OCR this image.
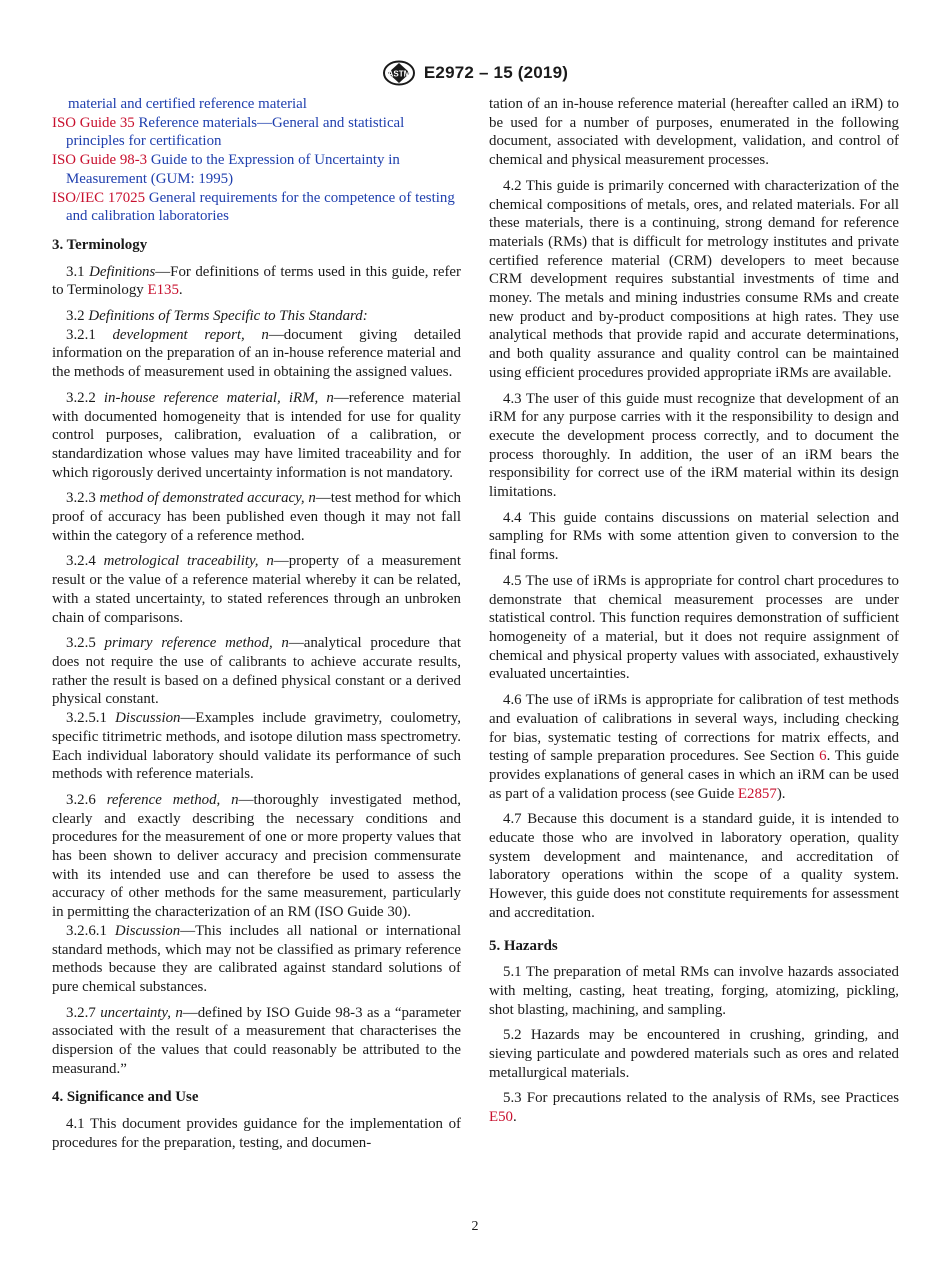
ASTM E2972 – 15 (2019)

material and certified reference material

ISO Guide 35 Reference materials—General and statistical principles for certification

ISO Guide 98-3 Guide to the Expression of Uncertainty in Measurement (GUM: 1995)

ISO/IEC 17025 General requirements for the competence of testing and calibration laboratories

3. Terminology

3.1 Definitions—For definitions of terms used in this guide, refer to Terminology E135.

3.2 Definitions of Terms Specific to This Standard:

3.2.1 development report, n—document giving detailed information on the preparation of an in-house reference material and the methods of measurement used in obtaining the assigned values.

3.2.2 in-house reference material, iRM, n—reference material with documented homogeneity that is intended for use for quality control purposes, calibration, evaluation of a calibration, or standardization whose values may have limited traceability and for which rigorously derived uncertainty information is not mandatory.

3.2.3 method of demonstrated accuracy, n—test method for which proof of accuracy has been published even though it may not fall within the category of a reference method.

3.2.4 metrological traceability, n—property of a measurement result or the value of a reference material whereby it can be related, with a stated uncertainty, to stated references through an unbroken chain of comparisons.

3.2.5 primary reference method, n—analytical procedure that does not require the use of calibrants to achieve accurate results, rather the result is based on a defined physical constant or a derived physical constant.

3.2.5.1 Discussion—Examples include gravimetry, coulometry, specific titrimetric methods, and isotope dilution mass spectrometry. Each individual laboratory should validate its performance of such methods with reference materials.

3.2.6 reference method, n—thoroughly investigated method, clearly and exactly describing the necessary conditions and procedures for the measurement of one or more property values that has been shown to deliver accuracy and precision commensurate with its intended use and can therefore be used to assess the accuracy of other methods for the same measurement, particularly in permitting the characterization of an RM (ISO Guide 30).

3.2.6.1 Discussion—This includes all national or international standard methods, which may not be classified as primary reference methods because they are calibrated against standard solutions of pure chemical substances.

3.2.7 uncertainty, n—defined by ISO Guide 98-3 as a “parameter associated with the result of a measurement that characterises the dispersion of the values that could reasonably be attributed to the measurand.”

4. Significance and Use

4.1 This document provides guidance for the implementation of procedures for the preparation, testing, and documen-

tation of an in-house reference material (hereafter called an iRM) to be used for a number of purposes, enumerated in the following document, associated with development, validation, and control of chemical and physical measurement processes.

4.2 This guide is primarily concerned with characterization of the chemical compositions of metals, ores, and related materials. For all these materials, there is a continuing, strong demand for reference materials (RMs) that is difficult for metrology institutes and private certified reference material (CRM) developers to meet because CRM development requires substantial investments of time and money. The metals and mining industries consume RMs and create new product and by-product compositions at high rates. They use analytical methods that provide rapid and accurate determinations, and both quality assurance and quality control can be maintained using efficient procedures provided appropriate iRMs are available.

4.3 The user of this guide must recognize that development of an iRM for any purpose carries with it the responsibility to design and execute the development process correctly, and to document the process thoroughly. In addition, the user of an iRM bears the responsibility for correct use of the iRM material within its design limitations.

4.4 This guide contains discussions on material selection and sampling for RMs with some attention given to conversion to the final forms.

4.5 The use of iRMs is appropriate for control chart procedures to demonstrate that chemical measurement processes are under statistical control. This function requires demonstration of sufficient homogeneity of a material, but it does not require assignment of chemical and physical property values with associated, exhaustively evaluated uncertainties.

4.6 The use of iRMs is appropriate for calibration of test methods and evaluation of calibrations in several ways, including checking for bias, systematic testing of corrections for matrix effects, and testing of sample preparation procedures. See Section 6. This guide provides explanations of general cases in which an iRM can be used as part of a validation process (see Guide E2857).

4.7 Because this document is a standard guide, it is intended to educate those who are involved in laboratory operation, quality system development and maintenance, and accreditation of laboratory operations within the scope of a quality system. However, this guide does not constitute requirements for assessment and accreditation.

5. Hazards

5.1 The preparation of metal RMs can involve hazards associated with melting, casting, heat treating, forging, atomizing, pickling, shot blasting, machining, and sampling.

5.2 Hazards may be encountered in crushing, grinding, and sieving particulate and powdered materials such as ores and related metallurgical materials.

5.3 For precautions related to the analysis of RMs, see Practices E50.

2
